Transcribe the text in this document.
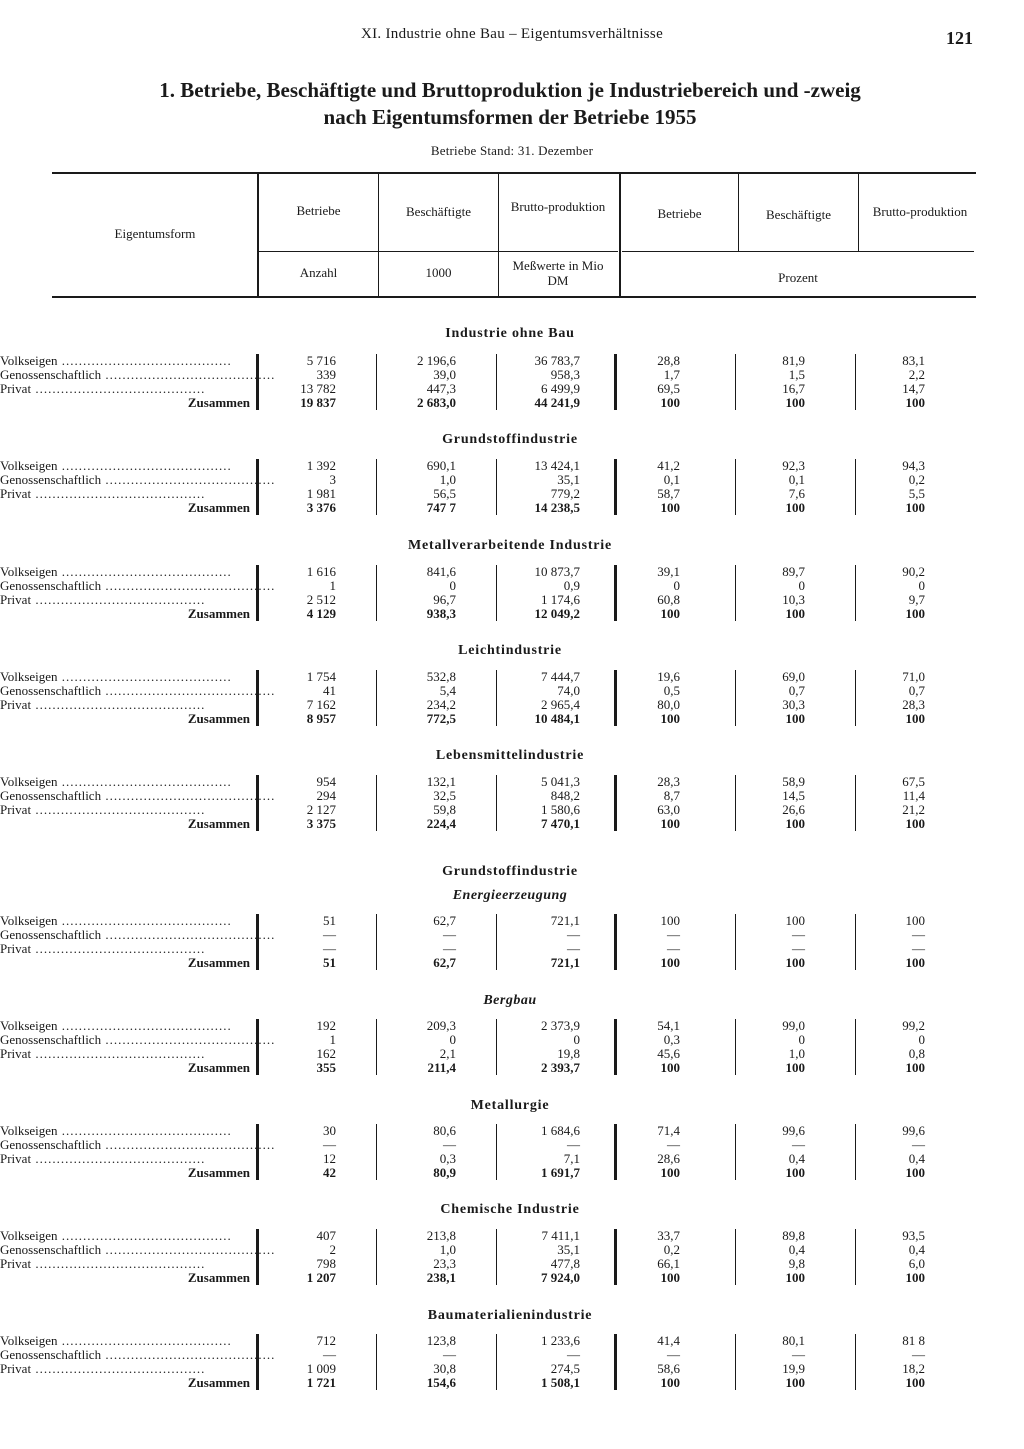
XI. Industrie ohne Bau – Eigentumsverhältnisse	121
1. Betriebe, Beschäftigte und Bruttoproduktion je Industriebereich und -zweig
nach Eigentumsformen der Betriebe 1955
Betriebe Stand: 31. Dezember
Eigentumsform
Betriebe	Beschäftigte	Brutto-produktion	Betriebe	Beschäftigte	Brutto-produktion
Anzahl	1000	Meßwerte in Mio DM	Prozent
Industrie ohne Bau
Grundstoffindustrie
Metallverarbeitende Industrie
Leichtindustrie
Lebensmittelindustrie
Grundstoffindustrie
Energieerzeugung
Bergbau
Metallurgie
Chemische Industrie
Baumaterialienindustrie
Volkseigen ........................................	5 716	2 196,6	36 783,7	28,8	81,9	83,1
Genossenschaftlich ........................................	339	39,0	958,3	1,7	1,5	2,2
Privat ........................................	13 782	447,3	6 499,9	69,5	16,7	14,7
Zusammen	19 837	2 683,0	44 241,9	100	100	100
Volkseigen ........................................	1 392	690,1	13 424,1	41,2	92,3	94,3
Genossenschaftlich ........................................	3	1,0	35,1	0,1	0,1	0,2
Privat ........................................	1 981	56,5	779,2	58,7	7,6	5,5
Zusammen	3 376	747 7	14 238,5	100	100	100
Volkseigen ........................................	1 616	841,6	10 873,7	39,1	89,7	90,2
Genossenschaftlich ........................................	1	0	0,9	0	0	0
Privat ........................................	2 512	96,7	1 174,6	60,8	10,3	9,7
Zusammen	4 129	938,3	12 049,2	100	100	100
Volkseigen ........................................	1 754	532,8	7 444,7	19,6	69,0	71,0
Genossenschaftlich ........................................	41	5,4	74,0	0,5	0,7	0,7
Privat ........................................	7 162	234,2	2 965,4	80,0	30,3	28,3
Zusammen	8 957	772,5	10 484,1	100	100	100
Volkseigen ........................................	954	132,1	5 041,3	28,3	58,9	67,5
Genossenschaftlich ........................................	294	32,5	848,2	8,7	14,5	11,4
Privat ........................................	2 127	59,8	1 580,6	63,0	26,6	21,2
Zusammen	3 375	224,4	7 470,1	100	100	100
Volkseigen ........................................	51	62,7	721,1	100	100	100
Genossenschaftlich ........................................	—	—	—	—	—	—
Privat ........................................	—	—	—	—	—	—
Zusammen	51	62,7	721,1	100	100	100
Volkseigen ........................................	192	209,3	2 373,9	54,1	99,0	99,2
Genossenschaftlich ........................................	1	0	0	0,3	0	0
Privat ........................................	162	2,1	19,8	45,6	1,0	0,8
Zusammen	355	211,4	2 393,7	100	100	100
Volkseigen ........................................	30	80,6	1 684,6	71,4	99,6	99,6
Genossenschaftlich ........................................	—	—	—	—	—	—
Privat ........................................	12	0,3	7,1	28,6	0,4	0,4
Zusammen	42	80,9	1 691,7	100	100	100
Volkseigen ........................................	407	213,8	7 411,1	33,7	89,8	93,5
Genossenschaftlich ........................................	2	1,0	35,1	0,2	0,4	0,4
Privat ........................................	798	23,3	477,8	66,1	9,8	6,0
Zusammen	1 207	238,1	7 924,0	100	100	100
Volkseigen ........................................	712	123,8	1 233,6	41,4	80,1	81 8
Genossenschaftlich ........................................	—	—	—	—	—	—
Privat ........................................	1 009	30,8	274,5	58,6	19,9	18,2
Zusammen	1 721	154,6	1 508,1	100	100	100
